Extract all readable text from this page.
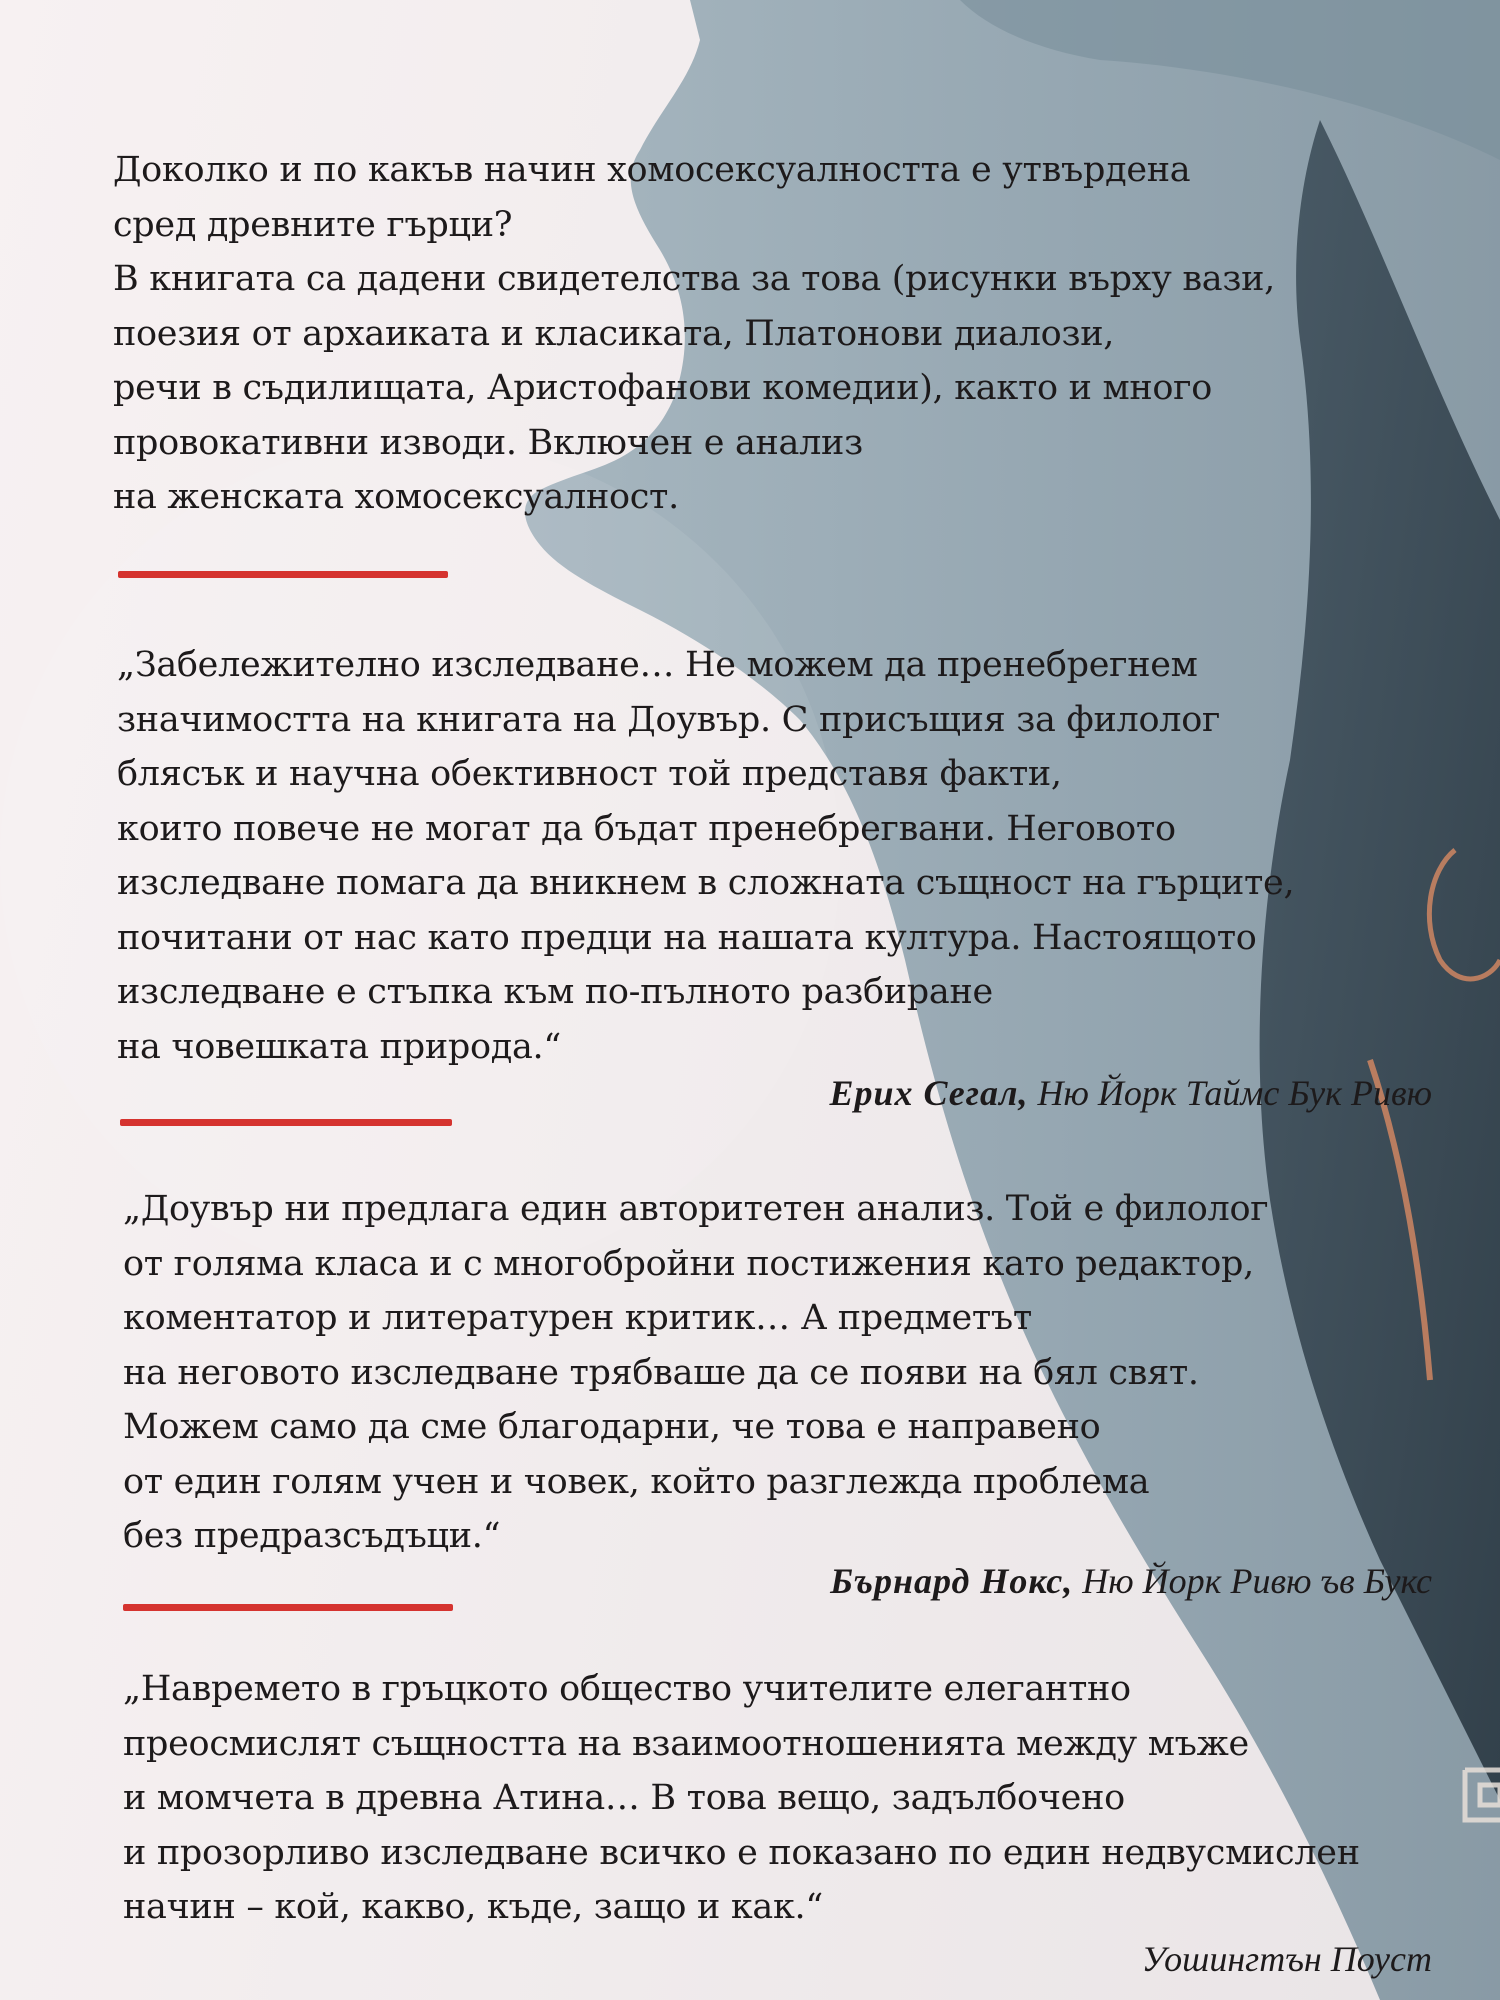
Доколко и по какъв начин хомосексуалността е утвърдена
сред древните гърци?
В книгата са дадени свидетелства за това (рисунки върху вази,
поезия от архаиката и класиката, Платонови диалози,
речи в съдилищата, Аристофанови комедии), както и много
провокативни изводи. Включен е анализ
на женската хомосексуалност.
„Забележително изследване… Не можем да пренебрегнем
значимостта на книгата на Доувър. С присъщия за филолог
блясък и научна обективност той представя факти,
които повече не могат да бъдат пренебрегвани. Неговото
изследване помага да вникнем в сложната същност на гърците,
почитани от нас като предци на нашата култура. Настоящото
изследване е стъпка към по-пълното разбиране
на човешката природа.“
Ерих Сегал, Ню Йорк Таймс Бук Ривю
„Доувър ни предлага един авторитетен анализ. Той е филолог
от голяма класа и с многобройни постижения като редактор,
коментатор и литературен критик… А предметът
на неговото изследване трябваше да се появи на бял свят.
Можем само да сме благодарни, че това е направено
от един голям учен и човек, който разглежда проблема
без предразсъдъци.“
Бърнард Нокс, Ню Йорк Ривю ъв Букс
„Навремето в гръцкото общество учителите елегантно
преосмислят същността на взаимоотношенията между мъже
и момчета в древна Атина… В това вещо, задълбочено
и прозорливо изследване всичко е показано по един недвусмислен
начин – кой, какво, къде, защо и как.“
Уошингтън Поуст
